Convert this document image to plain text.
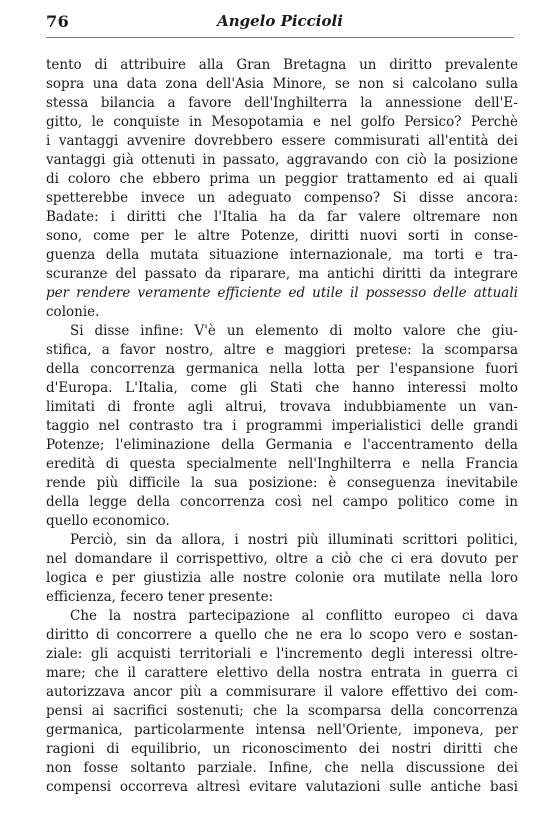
76	Angelo Piccioli
tento di attribuire alla Gran Bretagna un diritto prevalente
sopra una data zona dell'Asia Minore, se non si calcolano sulla
stessa bilancia a favore dell'Inghilterra la annessione dell'E-
gitto, le conquiste in Mesopotamia e nel golfo Persico? Perchè
i vantaggi avvenire dovrebbero essere commisurati all'entità dei
vantaggi già ottenuti in passato, aggravando con ciò la posizione
di coloro che ebbero prima un peggior trattamento ed ai quali
spetterebbe invece un adeguato compenso? Si disse ancora:
Badate: i diritti che l'Italia ha da far valere oltremare non
sono, come per le altre Potenze, diritti nuovi sorti in conse-
guenza della mutata situazione internazionale, ma torti e tra-
scuranze del passato da riparare, ma antichi diritti da integrare
per rendere veramente efficiente ed utile il possesso delle attuali
colonie.
Si disse infine: V'è un elemento di molto valore che giu-
stifica, a favor nostro, altre e maggiori pretese: la scomparsa
della concorrenza germanica nella lotta per l'espansione fuori
d'Europa. L'Italia, come gli Stati che hanno interessi molto
limitati di fronte agli altrui, trovava indubbiamente un van-
taggio nel contrasto tra i programmi imperialistici delle grandi
Potenze; l'eliminazione della Germania e l'accentramento della
eredità di questa specialmente nell'Inghilterra e nella Francia
rende più difficile la sua posizione: è conseguenza inevitabile
della legge della concorrenza così nel campo politico come in
quello economico.
Perciò, sin da allora, i nostri più illuminati scrittori politici,
nel domandare il corrispettivo, oltre a ciò che ci era dovuto per
logica e per giustizia alle nostre colonie ora mutilate nella loro
efficienza, fecero tener presente:
Che la nostra partecipazione al conflitto europeo ci dava
diritto di concorrere a quello che ne era lo scopo vero e sostan-
ziale: gli acquisti territoriali e l'incremento degli interessi oltre-
mare; che il carattere elettivo della nostra entrata in guerra ci
autorizzava ancor più a commisurare il valore effettivo dei com-
pensi ai sacrifici sostenuti; che la scomparsa della concorrenza
germanica, particolarmente intensa nell'Oriente, imponeva, per
ragioni di equilibrio, un riconoscimento dei nostri diritti che
non fosse soltanto parziale. Infine, che nella discussione dei
compensi occorreva altresì evitare valutazioni sulle antiche basi
